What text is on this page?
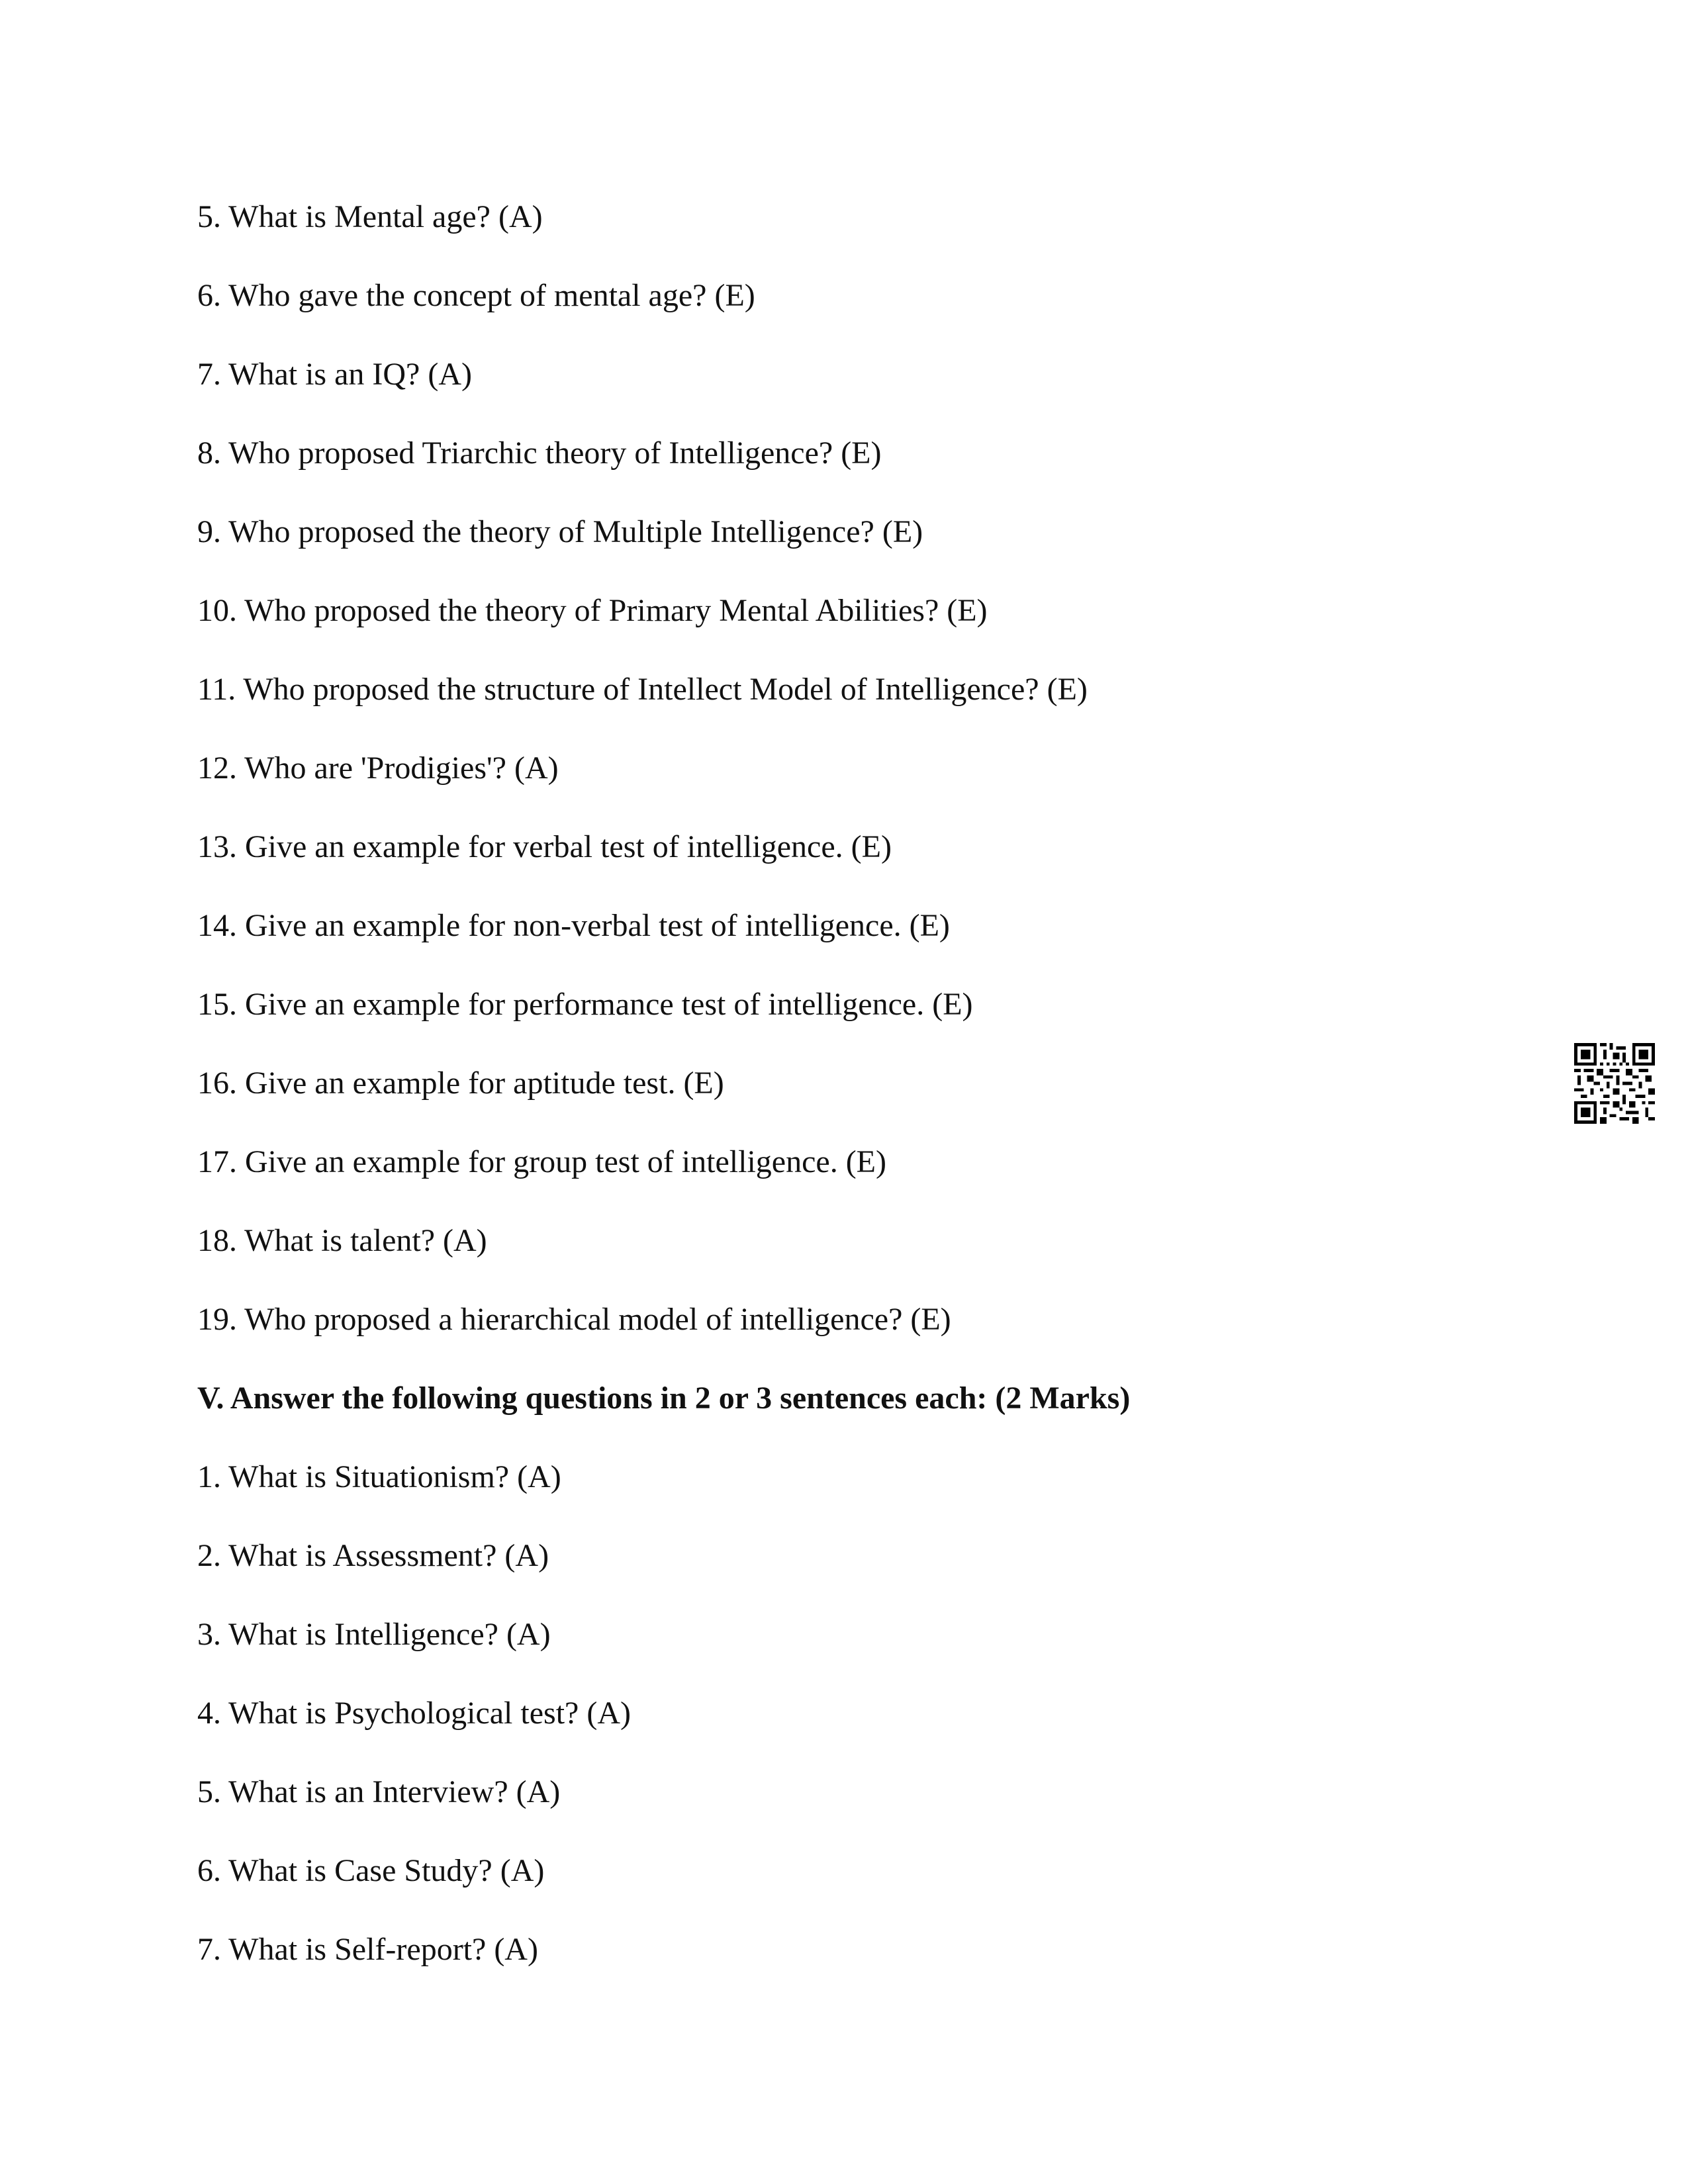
5. What is Mental age? (A)
6. Who gave the concept of mental age? (E)
7. What is an IQ? (A)
8. Who proposed Triarchic theory of Intelligence? (E)
9. Who proposed the theory of Multiple Intelligence? (E)
10. Who proposed the theory of Primary Mental Abilities? (E)
11. Who proposed the structure of Intellect Model of Intelligence? (E)
12. Who are 'Prodigies'? (A)
13. Give an example for verbal test of intelligence. (E)
14. Give an example for non-verbal test of intelligence. (E)
15. Give an example for performance test of intelligence. (E)
16. Give an example for aptitude test. (E)
17. Give an example for group test of intelligence. (E)
18. What is talent? (A)
19. Who proposed a hierarchical model of intelligence? (E)
V. Answer the following questions in 2 or 3 sentences each: (2 Marks)
1. What is Situationism? (A)
2. What is Assessment? (A)
3. What is Intelligence? (A)
4. What is Psychological test? (A)
5. What is an Interview? (A)
6. What is Case Study? (A)
7. What is Self-report? (A)
